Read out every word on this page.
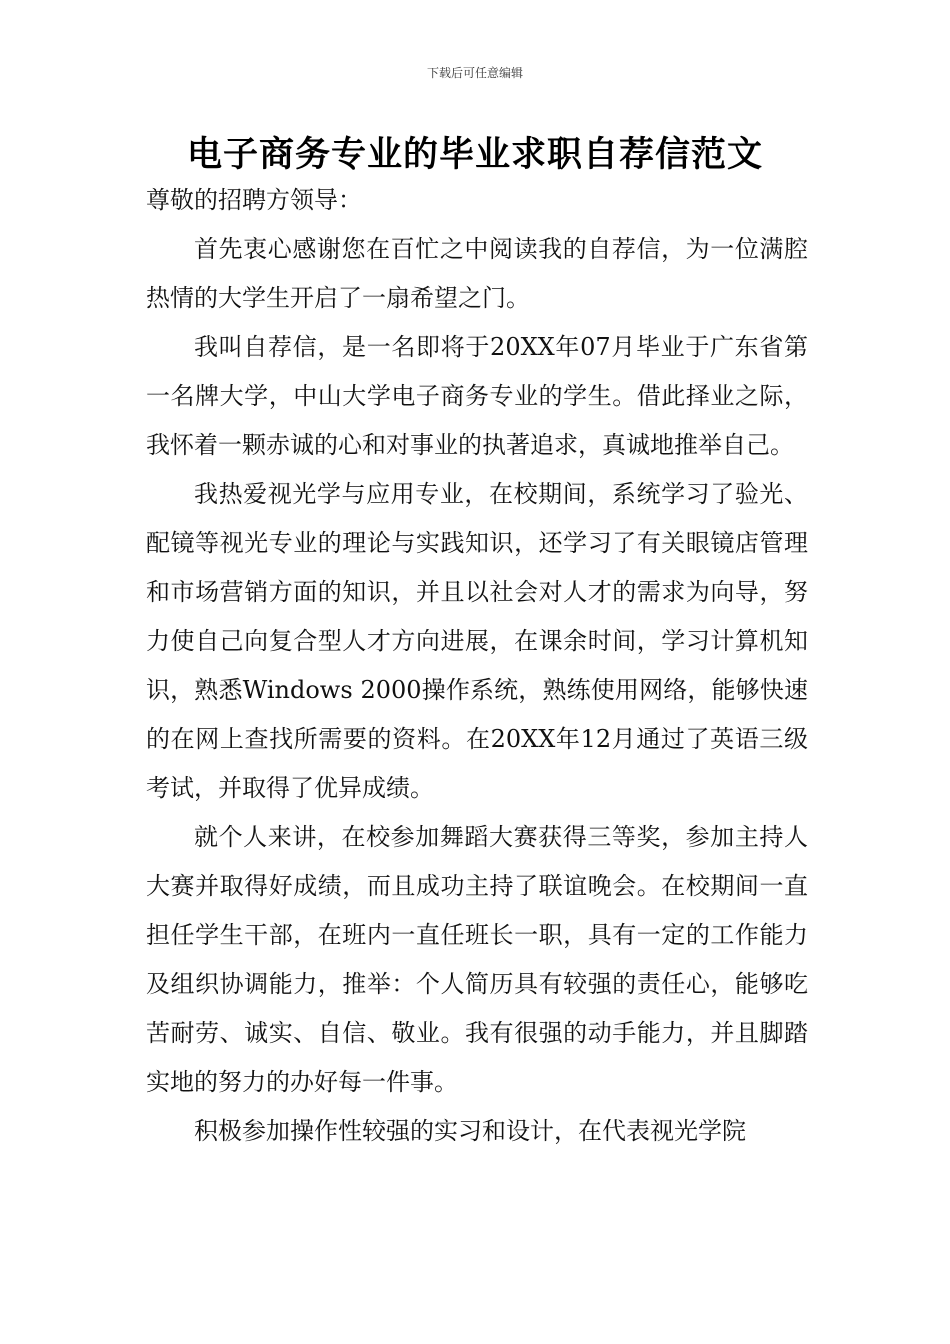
下载后可任意编辑
电子商务专业的毕业求职自荐信范文

尊敬的招聘方领导：

首先衷心感谢您在百忙之中阅读我的自荐信，为一位满腔热情的大学生开启了一扇希望之门。

我叫自荐信，是一名即将于20XX年07月毕业于广东省第一名牌大学，中山大学电子商务专业的学生。借此择业之际，我怀着一颗赤诚的心和对事业的执著追求，真诚地推举自己。

我热爱视光学与应用专业，在校期间，系统学习了验光、配镜等视光专业的理论与实践知识，还学习了有关眼镜店管理和市场营销方面的知识，并且以社会对人才的需求为向导，努力使自己向复合型人才方向进展，在课余时间，学习计算机知识，熟悉Windows 2000操作系统，熟练使用网络，能够快速的在网上查找所需要的资料。在20XX年12月通过了英语三级考试，并取得了优异成绩。

就个人来讲，在校参加舞蹈大赛获得三等奖，参加主持人大赛并取得好成绩，而且成功主持了联谊晚会。在校期间一直担任学生干部，在班内一直任班长一职，具有一定的工作能力及组织协调能力，推举：个人简历具有较强的责任心，能够吃苦耐劳、诚实、自信、敬业。我有很强的动手能力，并且脚踏实地的努力的办好每一件事。

积极参加操作性较强的实习和设计，在代表视光学院
